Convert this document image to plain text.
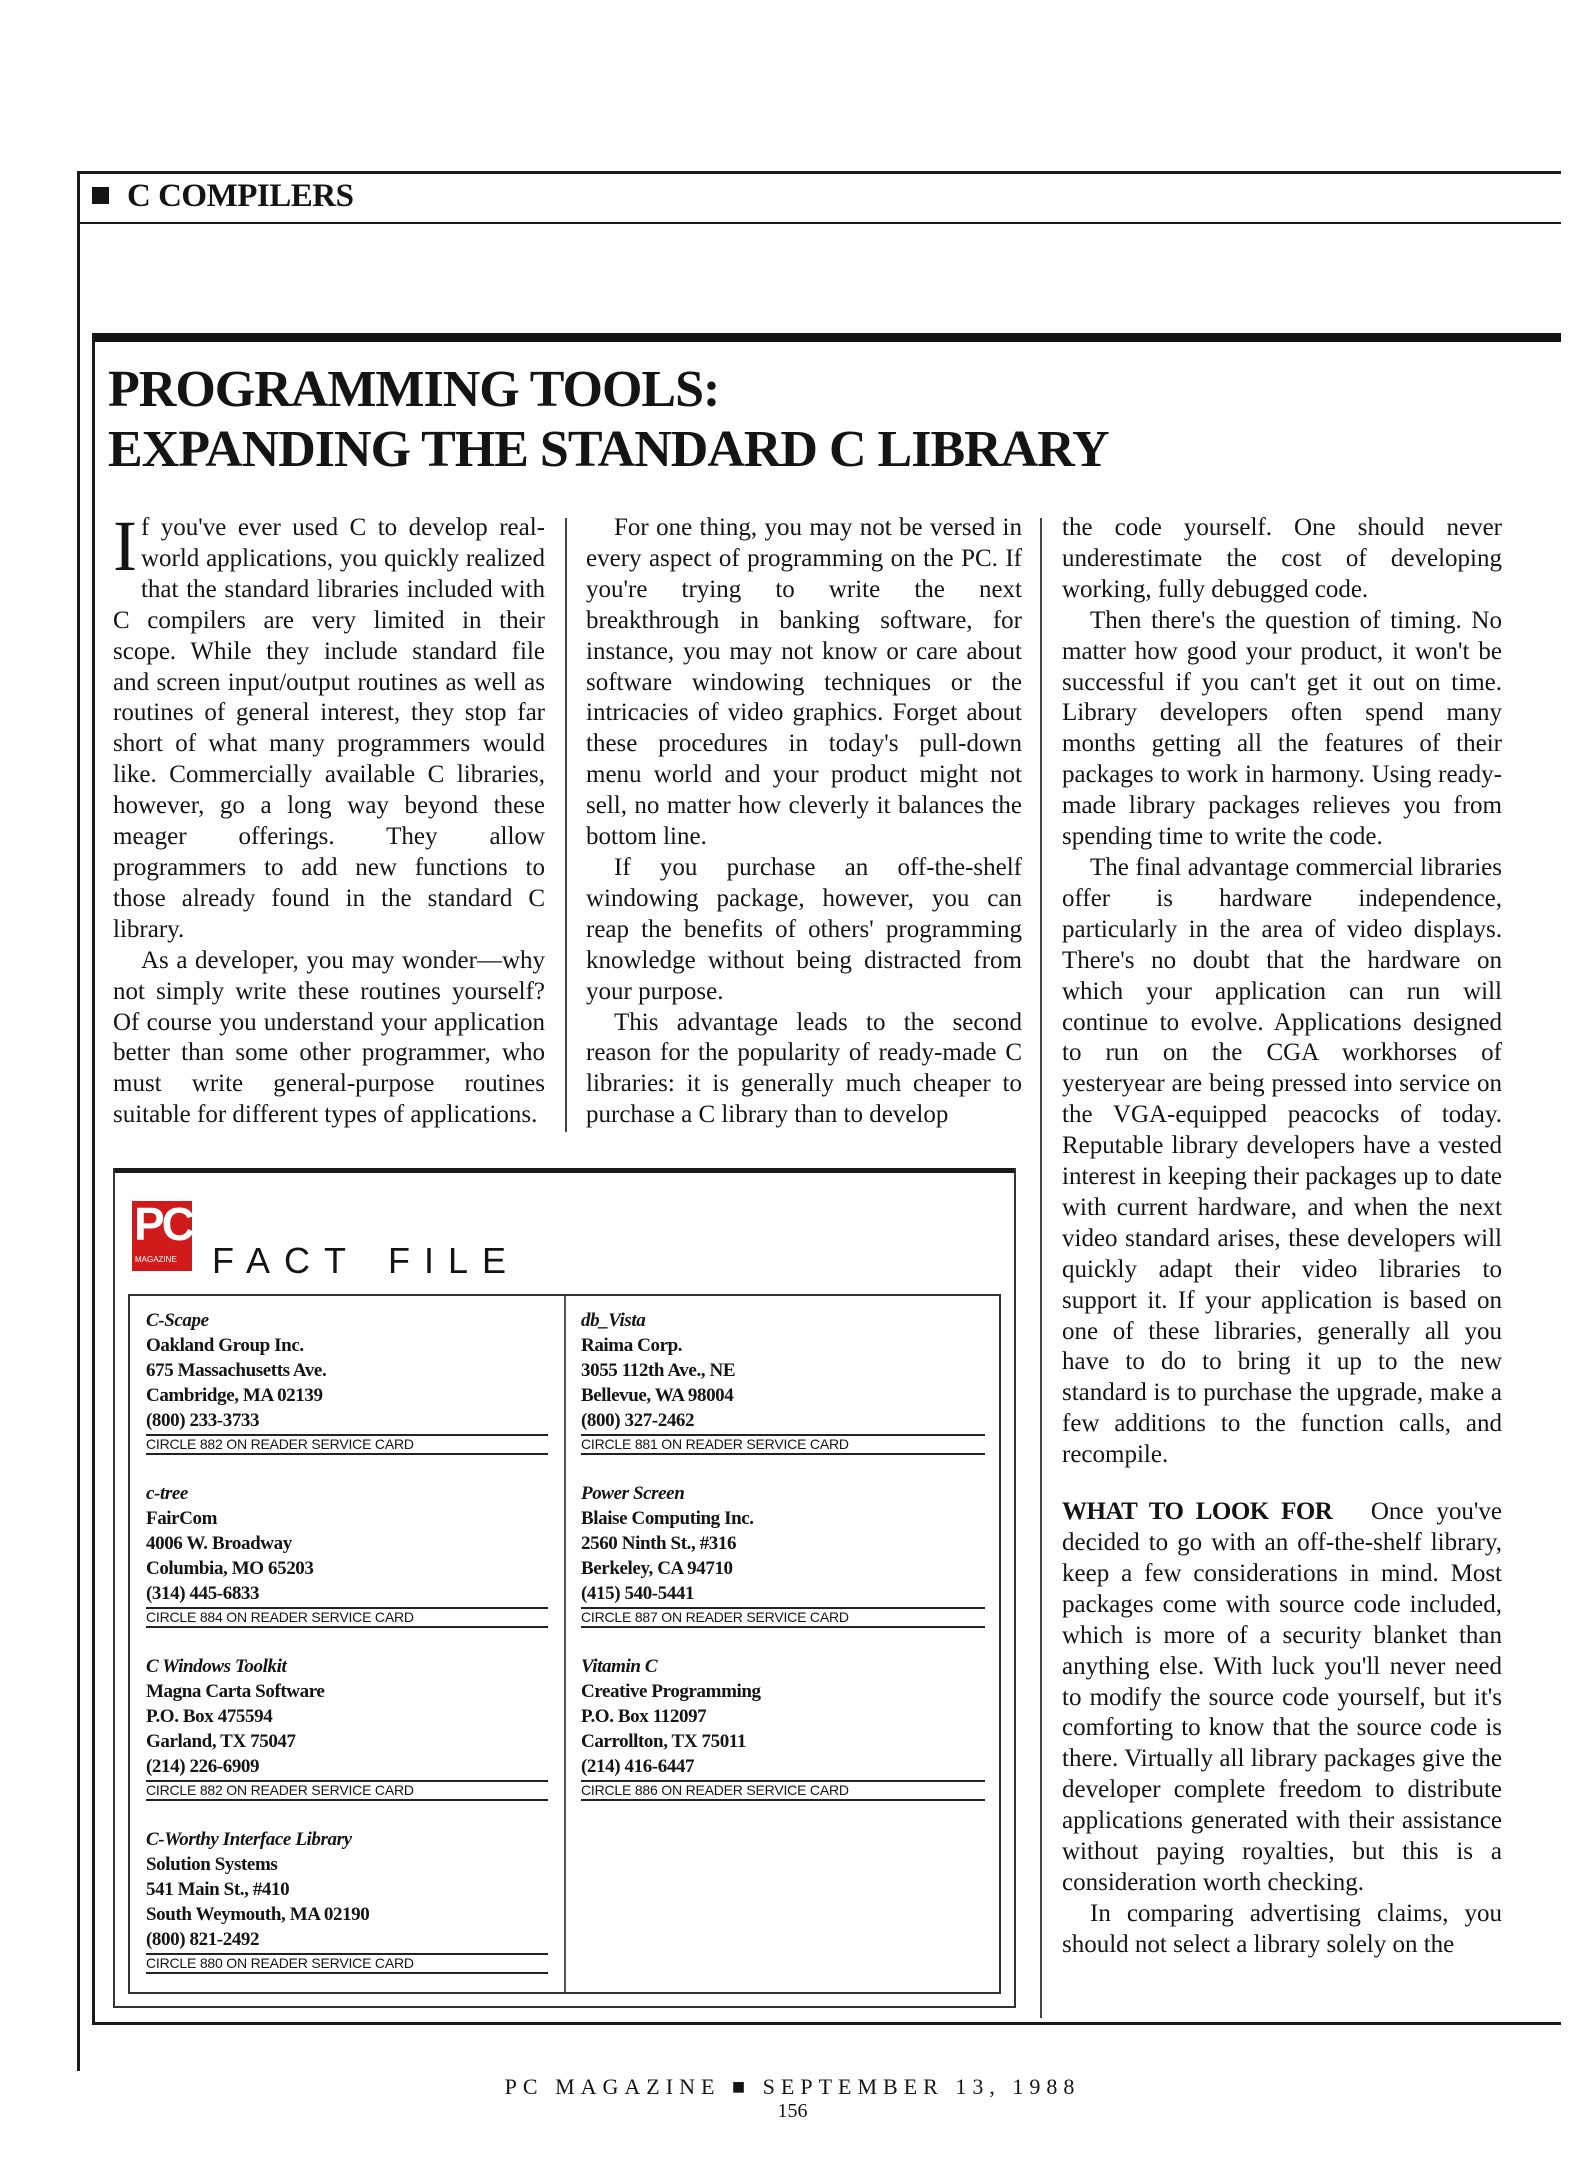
C COMPILERS
PROGRAMMING TOOLS:
EXPANDING THE STANDARD C LIBRARY

If you've ever used C to develop real-world applications, you quickly realized that the standard libraries included with C compilers are very limited in their scope. While they include standard file and screen input/output routines as well as routines of general interest, they stop far short of what many programmers would like. Commercially available C libraries, however, go a long way beyond these meager offerings. They allow programmers to add new functions to those already found in the standard C library.

As a developer, you may wonder—why not simply write these routines yourself? Of course you understand your application better than some other programmer, who must write general-purpose routines suitable for different types of applications.

For one thing, you may not be versed in every aspect of programming on the PC. If you're trying to write the next breakthrough in banking software, for instance, you may not know or care about software windowing techniques or the intricacies of video graphics. Forget about these procedures in today's pull-down menu world and your product might not sell, no matter how cleverly it balances the bottom line.

If you purchase an off-the-shelf windowing package, however, you can reap the benefits of others' programming knowledge without being distracted from your purpose.

This advantage leads to the second reason for the popularity of ready-made C libraries: it is generally much cheaper to purchase a C library than to develop

the code yourself. One should never underestimate the cost of developing working, fully debugged code.

Then there's the question of timing. No matter how good your product, it won't be successful if you can't get it out on time. Library developers often spend many months getting all the features of their packages to work in harmony. Using ready-made library packages relieves you from spending time to write the code.

The final advantage commercial libraries offer is hardware independence, particularly in the area of video displays. There's no doubt that the hardware on which your application can run will continue to evolve. Applications designed to run on the CGA workhorses of yesteryear are being pressed into service on the VGA-equipped peacocks of today. Reputable library developers have a vested interest in keeping their packages up to date with current hardware, and when the next video standard arises, these developers will quickly adapt their video libraries to support it. If your application is based on one of these libraries, generally all you have to do to bring it up to the new standard is to purchase the upgrade, make a few additions to the function calls, and recompile.

WHAT TO LOOK FOR Once you've decided to go with an off-the-shelf library, keep a few considerations in mind. Most packages come with source code included, which is more of a security blanket than anything else. With luck you'll never need to modify the source code yourself, but it's comforting to know that the source code is there. Virtually all library packages give the developer complete freedom to distribute applications generated with their assistance without paying royalties, but this is a consideration worth checking.

In comparing advertising claims, you should not select a library solely on the

PC
MAGAZINE FACT FILE
C-Scape
Oakland Group Inc.
675 Massachusetts Ave.
Cambridge, MA 02139
(800) 233-3733
CIRCLE 882 ON READER SERVICE CARD
c-tree
FairCom
4006 W. Broadway
Columbia, MO 65203
(314) 445-6833
CIRCLE 884 ON READER SERVICE CARD
C Windows Toolkit
Magna Carta Software
P.O. Box 475594
Garland, TX 75047
(214) 226-6909
CIRCLE 882 ON READER SERVICE CARD
C-Worthy Interface Library
Solution Systems
541 Main St., #410
South Weymouth, MA 02190
(800) 821-2492
CIRCLE 880 ON READER SERVICE CARD
db_Vista
Raima Corp.
3055 112th Ave., NE
Bellevue, WA 98004
(800) 327-2462
CIRCLE 881 ON READER SERVICE CARD
Power Screen
Blaise Computing Inc.
2560 Ninth St., #316
Berkeley, CA 94710
(415) 540-5441
CIRCLE 887 ON READER SERVICE CARD
Vitamin C
Creative Programming
P.O. Box 112097
Carrollton, TX 75011
(214) 416-6447
CIRCLE 886 ON READER SERVICE CARD
PC MAGAZINE ■ SEPTEMBER 13, 1988
156
